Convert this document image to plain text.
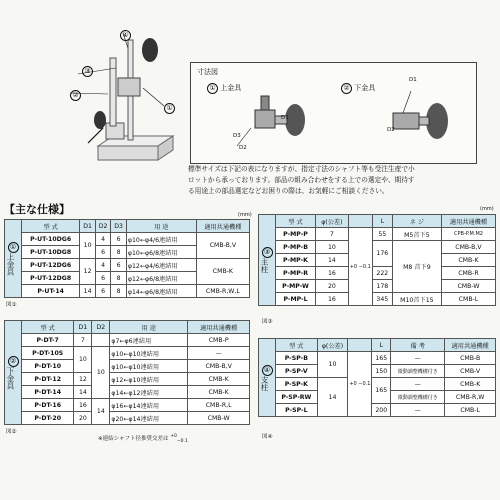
③
④
②
①
寸法図
① 上金具	② 下金具
D3
D2
D1
D1
D2
標準サイズは下記の表になりますが、指定寸法のシャフト等も受注生産で小
ロットから承っております。部品の組み合わせをする上での選定や、期待す
る用途上の部品選定などお困りの際は、お気軽にご相談ください。
【主な仕様】	(mm)
(mm)
①
上金具	型 式	D1	D2	D3	用 途	適用共通機種
	P-UT-10DG6	10	4	6	φ10←φ4/6連結用	CMB-B,V
	P-UT-10DG8		6	8	φ10←φ6/8連結用	
	P-UT-12DG6	12	4	6	φ12←φ4/6連結用	CMB-K
	P-UT-12DG8		6	8	φ12←φ6/8連結用	
	P-UT-14	14	6	8	φ14←φ6/8連結用	CMB-R,W,L
図①
②
下金具	型 式	D1	D2	用 途	適用共通機種
	P-DT-7	7		φ7←φ6連結用	CMB-P
	P-DT-10S	10	10	φ10←φ10連結用	—
	P-DT-10			φ10←φ10連結用	CMB-B,V
	P-DT-12	12		φ12←φ10連結用	CMB-K
	P-DT-14	14		φ14←φ12連結用	CMB-K
	P-DT-16	16	14	φ16←φ14連結用	CMB-R,L
	P-DT-20	20		φ20←φ14連結用	CMB-W
図②
※連結シャフト径推奨交差は $^{+0}_{-0.1}$
③
主柱	型 式	φ(公差)		L	ネ ジ	適用共通機種
	P-MP-P	7	+0 −0.1	55	M5首下5	CPB-P.M.M2
	P-MP-B	10		176	M8 首下9	CMB-B,V
	P-MP-K	14				CMB-K
	P-MP-R	16		222		CMB-R
	P-MP-W	20		178		CMB-W
	P-MP-L	16		345	M10首下15	CMB-L
図③
④
支柱	型 式	φ(公差)		L	備 考	適用共通機種
	P-SP-B	10	+0 −0.1	165	—	CMB-B
	P-SP-V			150	微動調整機構付き	CMB-V
	P-SP-K	14		165	—	CMB-K
	P-SP-RW				微動調整機構付き	CMB-R,W
	P-SP-L			200	—	CMB-L
図④
